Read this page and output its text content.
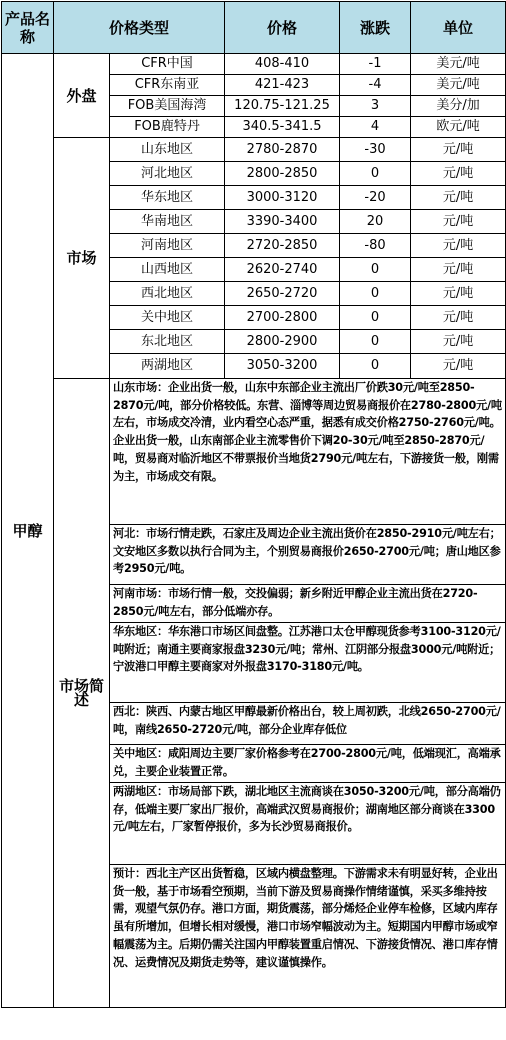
产品名称	价格类型		价格	涨跌	单位
甲醇	外盘	CFR中国	408-410	-1	美元/吨
		CFR东南亚	421-423	-4	美元/吨
		FOB美国海湾	120.75-121.25	3	美分/加
		FOB鹿特丹	340.5-341.5	4	欧元/吨
	市场	山东地区	2780-2870	-30	元/吨
		河北地区	2800-2850	0	元/吨
		华东地区	3000-3120	-20	元/吨
		华南地区	3390-3400	20	元/吨
		河南地区	2720-2850	-80	元/吨
		山西地区	2620-2740	0	元/吨
		西北地区	2650-2720	0	元/吨
		关中地区	2700-2800	0	元/吨
		东北地区	2800-2900	0	元/吨
		两湖地区	3050-3200	0	元/吨
	市场简述	山东市场：企业出货一般，山东中东部企业主流出厂价跌30元/吨至2850-2870元/吨，部分价格较低。东营、淄博等周边贸易商报价在2780-2800元/吨左右，市场成交冷清，业内看空心态严重，据悉有成交价格2750-2760元/吨。企业出货一般，山东南部企业主流零售价下调20-30元/吨至2850-2870元/吨，贸易商对临沂地区不带票报价当地货2790元/吨左右，下游接货一般，刚需为主，市场成交有限。			
		河北：市场行情走跌，石家庄及周边企业主流出货价在2850-2910元/吨左右；文安地区多数以执行合同为主，个别贸易商报价2650-2700元/吨；唐山地区参考2950元/吨。			
		河南市场：市场行情一般，交投偏弱；新乡附近甲醇企业主流出货在2720-2850元/吨左右，部分低端亦存。			
		华东地区：华东港口市场区间盘整。江苏港口太仓甲醇现货参考3100-3120元/吨附近；南通主要商家报盘3230元/吨；常州、江阴部分报盘3000元/吨附近；宁波港口甲醇主要商家对外报盘3170-3180元/吨。			
		西北：陕西、内蒙古地区甲醇最新价格出台，较上周初跌，北线2650-2700元/吨，南线2650-2720元/吨，部分企业库存低位			
		关中地区：咸阳周边主要厂家价格参考在2700-2800元/吨，低端现汇，高端承兑，主要企业装置正常。			
		两湖地区：市场局部下跌，湖北地区主流商谈在3050-3200元/吨，部分高端仍存，低端主要厂家出厂报价，高端武汉贸易商报价；湖南地区部分商谈在3300元/吨左右，厂家暂停报价，多为长沙贸易商报价。			
		预计：西北主产区出货暂稳，区域内横盘整理。下游需求未有明显好转，企业出货一般，基于市场看空预期，当前下游及贸易商操作情绪谨慎，采买多维持按需，观望气氛仍存。港口方面，期货震荡，部分烯烃企业停车检修，区域内库存虽有所增加，但增长相对缓慢，港口市场窄幅波动为主。短期国内甲醇市场或窄幅震荡为主。后期仍需关注国内甲醇装置重启情况、下游接货情况、港口库存情况、运费情况及期货走势等，建议谨慎操作。			
